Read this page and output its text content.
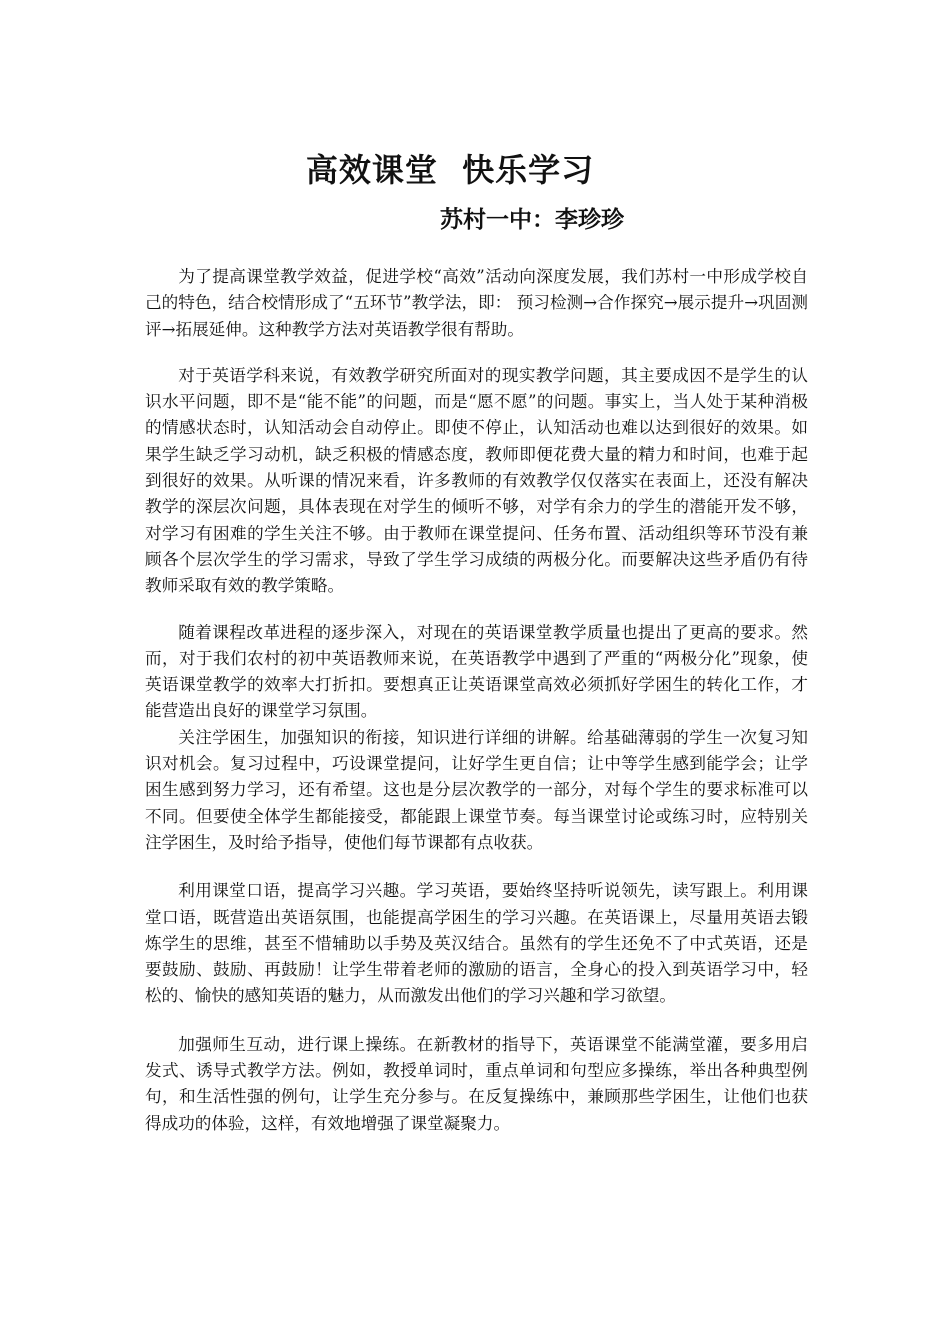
高效课堂  快乐学习
苏村一中：李珍珍

为了提高课堂教学效益，促进学校“高效”活动向深度发展，我们苏村一中形成学校自己的特色，结合校情形成了“五环节”教学法，即： 预习检测→合作探究→展示提升→巩固测评→拓展延伸。这种教学方法对英语教学很有帮助。

对于英语学科来说，有效教学研究所面对的现实教学问题，其主要成因不是学生的认识水平问题，即不是“能不能”的问题，而是“愿不愿”的问题。事实上，当人处于某种消极的情感状态时，认知活动会自动停止。即使不停止，认知活动也难以达到很好的效果。如果学生缺乏学习动机，缺乏积极的情感态度，教师即便花费大量的精力和时间，也难于起到很好的效果。从听课的情况来看，许多教师的有效教学仅仅落实在表面上，还没有解决教学的深层次问题，具体表现在对学生的倾听不够，对学有余力的学生的潜能开发不够，对学习有困难的学生关注不够。由于教师在课堂提问、任务布置、活动组织等环节没有兼顾各个层次学生的学习需求，导致了学生学习成绩的两极分化。而要解决这些矛盾仍有待教师采取有效的教学策略。

随着课程改革进程的逐步深入，对现在的英语课堂教学质量也提出了更高的要求。然而，对于我们农村的初中英语教师来说，在英语教学中遇到了严重的“两极分化”现象，使英语课堂教学的效率大打折扣。要想真正让英语课堂高效必须抓好学困生的转化工作，才能营造出良好的课堂学习氛围。

关注学困生，加强知识的衔接，知识进行详细的讲解。给基础薄弱的学生一次复习知识对机会。复习过程中，巧设课堂提问，让好学生更自信；让中等学生感到能学会；让学困生感到努力学习，还有希望。这也是分层次教学的一部分，对每个学生的要求标准可以不同。但要使全体学生都能接受，都能跟上课堂节奏。每当课堂讨论或练习时，应特别关注学困生，及时给予指导，使他们每节课都有点收获。

利用课堂口语，提高学习兴趣。学习英语，要始终坚持听说领先，读写跟上。利用课堂口语，既营造出英语氛围，也能提高学困生的学习兴趣。在英语课上，尽量用英语去锻炼学生的思维，甚至不惜辅助以手势及英汉结合。虽然有的学生还免不了中式英语，还是要鼓励、鼓励、再鼓励！让学生带着老师的激励的语言，全身心的投入到英语学习中，轻松的、愉快的感知英语的魅力，从而激发出他们的学习兴趣和学习欲望。

加强师生互动，进行课上操练。在新教材的指导下，英语课堂不能满堂灌，要多用启发式、诱导式教学方法。例如，教授单词时，重点单词和句型应多操练，举出各种典型例句，和生活性强的例句，让学生充分参与。在反复操练中，兼顾那些学困生，让他们也获得成功的体验，这样，有效地增强了课堂凝聚力。
